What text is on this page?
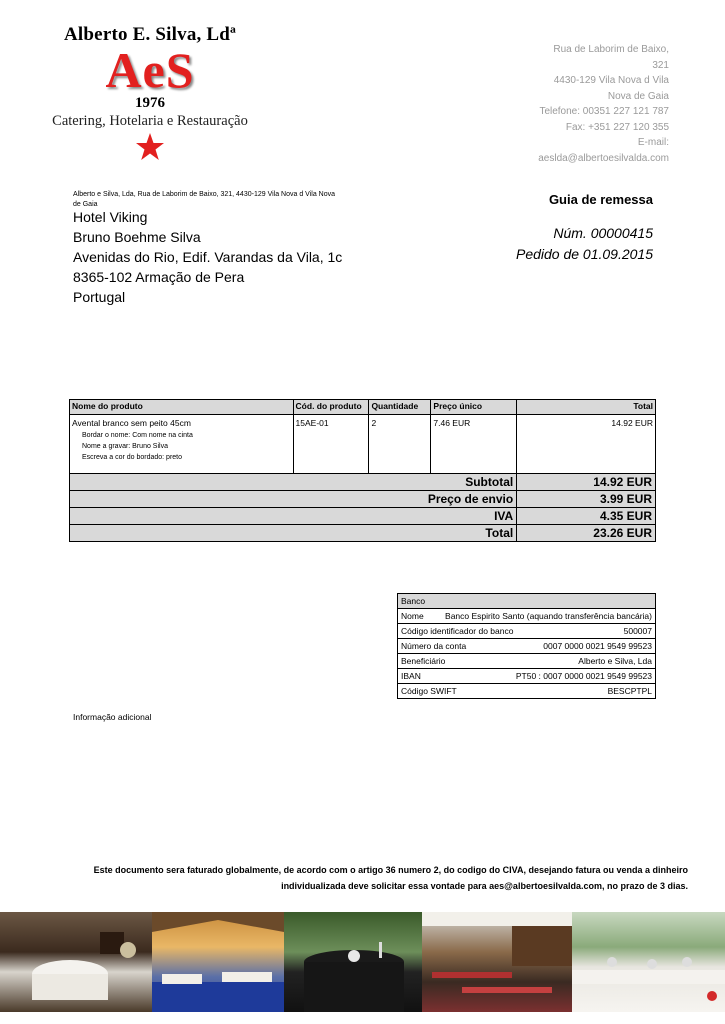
Alberto E. Silva, Ldª
AeS
1976
Catering, Hotelaria e Restauração
Rua de Laborim de Baixo,
321
4430-129 Vila Nova d Vila
Nova de Gaia
Telefone: 00351 227 121 787
Fax: +351 227 120 355
E-mail:
aeslda@albertoesilvalda.com
Alberto e Silva, Lda, Rua de Laborim de Baixo, 321, 4430-129 Vila Nova d Vila Nova de Gaia
Hotel Viking
Bruno Boehme Silva
Avenidas do Rio, Edif. Varandas da Vila, 1c
8365-102 Armação de Pera
Portugal
Guia de remessa
Núm. 00000415
Pedido de 01.09.2015
Nome do produto	Cód. do produto	Quantidade	Preço único	Total

Avental branco sem peito 45cm
Bordar o nome: Com nome na cinta
Nome a gravar: Bruno Silva
Escreva a cor do bordado: preto	15AE-01	2	7.46 EUR	14.92 EUR
Subtotal	14.92 EUR
Preço de envio	3.99 EUR
IVA	4.35 EUR
Total	23.26 EUR
Banco
Nome	Banco Espirito Santo (aquando transferência bancária)

Código identificador do banco	500007

Número da conta	0007 0000 0021 9549 99523

Beneficiário	Alberto e Silva, Lda

IBAN	PT50 : 0007 0000 0021 9549 99523

Código SWIFT	BESCPTPL
Informação adicional
Este documento sera faturado globalmente, de acordo com o artigo 36 numero 2, do codigo do CIVA, desejando fatura ou venda a dinheiro
individualizada deve solicitar essa vontade para aes@albertoesilvalda.com, no prazo de 3 dias.
